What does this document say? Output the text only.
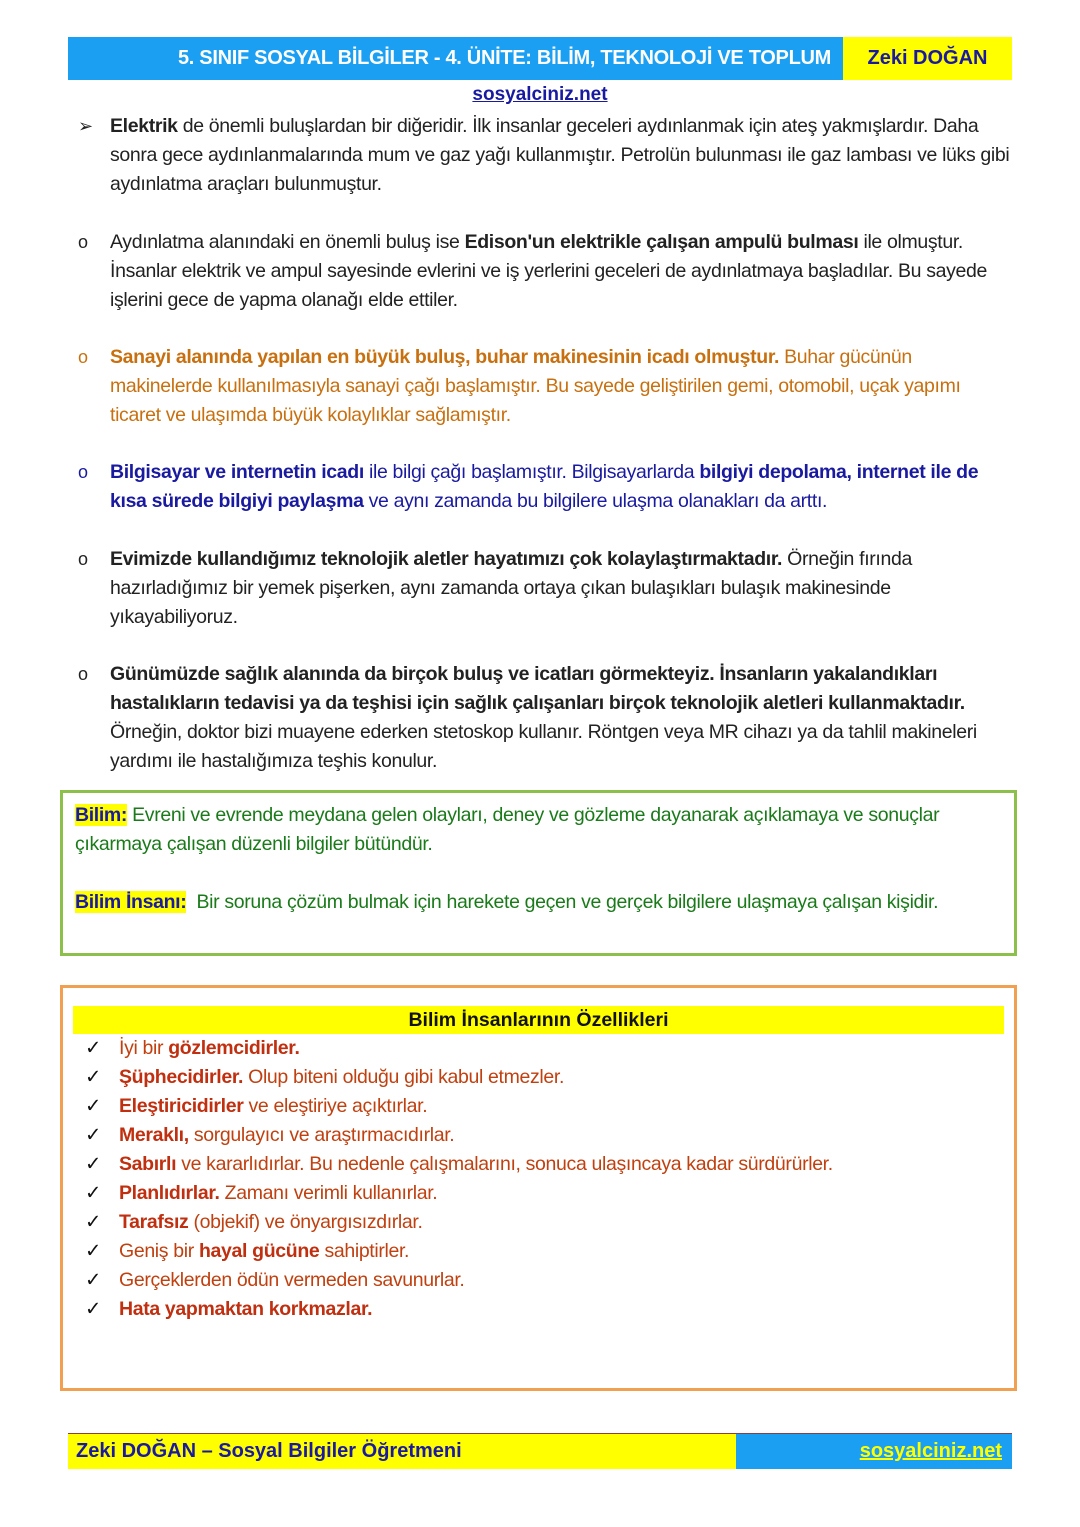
5. SINIF SOSYAL BİLGİLER - 4. ÜNİTE: BİLİM, TEKNOLOJİ VE TOPLUM	Zeki DOĞAN
sosyalciniz.net
➢ Elektrik de önemli buluşlardan bir diğeridir. İlk insanlar geceleri aydınlanmak için ateş yakmışlardır. Daha sonra gece aydınlanmalarında mum ve gaz yağı kullanmıştır. Petrolün bulunması ile gaz lambası ve lüks gibi aydınlatma araçları bulunmuştur.
o Aydınlatma alanındaki en önemli buluş ise Edison'un elektrikle çalışan ampulü bulması ile olmuştur. İnsanlar elektrik ve ampul sayesinde evlerini ve iş yerlerini geceleri de aydınlatmaya başladılar. Bu sayede işlerini gece de yapma olanağı elde ettiler.
o Sanayi alanında yapılan en büyük buluş, buhar makinesinin icadı olmuştur. Buhar gücünün makinelerde kullanılmasıyla sanayi çağı başlamıştır. Bu sayede geliştirilen gemi, otomobil, uçak yapımı ticaret ve ulaşımda büyük kolaylıklar sağlamıştır.
o Bilgisayar ve internetin icadı ile bilgi çağı başlamıştır. Bilgisayarlarda bilgiyi depolama, internet ile de kısa sürede bilgiyi paylaşma ve aynı zamanda bu bilgilere ulaşma olanakları da arttı.
o Evimizde kullandığımız teknolojik aletler hayatımızı çok kolaylaştırmaktadır. Örneğin fırında hazırladığımız bir yemek pişerken, aynı zamanda ortaya çıkan bulaşıkları bulaşık makinesinde yıkayabiliyoruz.
o Günümüzde sağlık alanında da birçok buluş ve icatları görmekteyiz. İnsanların yakalandıkları hastalıkların tedavisi ya da teşhisi için sağlık çalışanları birçok teknolojik aletleri kullanmaktadır. Örneğin, doktor bizi muayene ederken stetoskop kullanır. Röntgen veya MR cihazı ya da tahlil makineleri yardımı ile hastalığımıza teşhis konulur.
Bilim: Evreni ve evrende meydana gelen olayları, deney ve gözleme dayanarak açıklamaya ve sonuçlar çıkarmaya çalışan düzenli bilgiler bütündür.
Bilim İnsanı:  Bir soruna çözüm bulmak için harekete geçen ve gerçek bilgilere ulaşmaya çalışan kişidir.
Bilim İnsanlarının Özellikleri
✓ İyi bir gözlemcidirler.
✓ Şüphecidirler. Olup biteni olduğu gibi kabul etmezler.
✓ Eleştiricidirler ve eleştiriye açıktırlar.
✓ Meraklı, sorgulayıcı ve araştırmacıdırlar.
✓ Sabırlı ve kararlıdırlar. Bu nedenle çalışmalarını, sonuca ulaşıncaya kadar sürdürürler.
✓ Planlıdırlar. Zamanı verimli kullanırlar.
✓ Tarafsız (objekif) ve önyargısızdırlar.
✓ Geniş bir hayal gücüne sahiptirler.
✓ Gerçeklerden ödün vermeden savunurlar.
✓ Hata yapmaktan korkmazlar.
Zeki DOĞAN – Sosyal Bilgiler Öğretmeni	sosyalciniz.net
